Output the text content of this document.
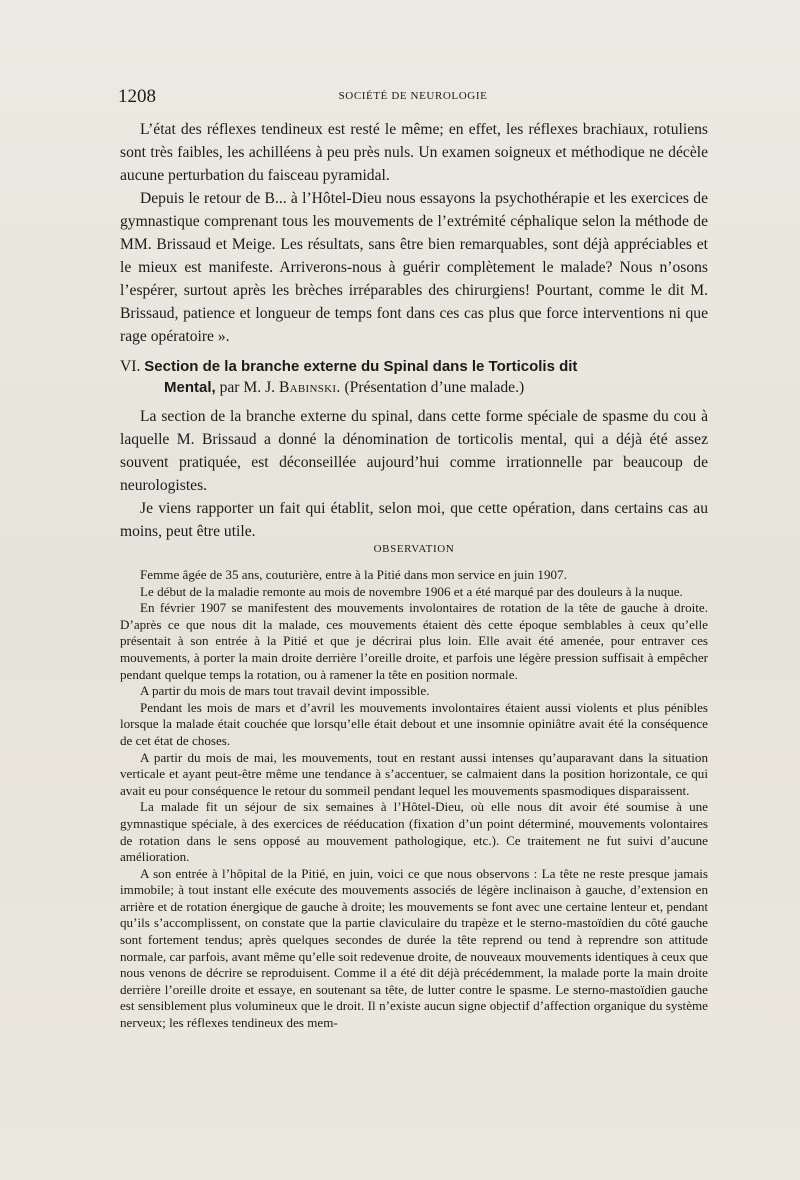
1208	SOCIÉTÉ DE NEUROLOGIE

L’état des réflexes tendineux est resté le même; en effet, les réflexes brachiaux, rotuliens sont très faibles, les achilléens à peu près nuls. Un examen soigneux et méthodique ne décèle aucune perturbation du faisceau pyramidal.

Depuis le retour de B... à l’Hôtel-Dieu nous essayons la psychothérapie et les exercices de gymnastique comprenant tous les mouvements de l’extrémité céphalique selon la méthode de MM. Brissaud et Meige. Les résultats, sans être bien remarquables, sont déjà appréciables et le mieux est manifeste. Arriverons-nous à guérir complètement le malade? Nous n’osons l’espérer, surtout après les brèches irréparables des chirurgiens! Pourtant, comme le dit M. Brissaud, patience et longueur de temps font dans ces cas plus que force interventions ni que rage opératoire ».

VI. Section de la branche externe du Spinal dans le Torticolis dit
Mental, par M. J. Babinski. (Présentation d’une malade.)

La section de la branche externe du spinal, dans cette forme spéciale de spasme du cou à laquelle M. Brissaud a donné la dénomination de torticolis mental, qui a déjà été assez souvent pratiquée, est déconseillée aujourd’hui comme irrationnelle par beaucoup de neurologistes.

Je viens rapporter un fait qui établit, selon moi, que cette opération, dans certains cas au moins, peut être utile.

OBSERVATION

Femme âgée de 35 ans, couturière, entre à la Pitié dans mon service en juin 1907.

Le début de la maladie remonte au mois de novembre 1906 et a été marqué par des douleurs à la nuque.

En février 1907 se manifestent des mouvements involontaires de rotation de la tête de gauche à droite. D’après ce que nous dit la malade, ces mouvements étaient dès cette époque semblables à ceux qu’elle présentait à son entrée à la Pitié et que je décrirai plus loin. Elle avait été amenée, pour entraver ces mouvements, à porter la main droite derrière l’oreille droite, et parfois une légère pression suffisait à empêcher pendant quelque temps la rotation, ou à ramener la tête en position normale.

A partir du mois de mars tout travail devint impossible.

Pendant les mois de mars et d’avril les mouvements involontaires étaient aussi violents et plus pénibles lorsque la malade était couchée que lorsqu’elle était debout et une insomnie opiniâtre avait été la conséquence de cet état de choses.

A partir du mois de mai, les mouvements, tout en restant aussi intenses qu’auparavant dans la situation verticale et ayant peut-être même une tendance à s’accentuer, se calmaient dans la position horizontale, ce qui avait eu pour conséquence le retour du sommeil pendant lequel les mouvements spasmodiques disparaissent.

La malade fit un séjour de six semaines à l’Hôtel-Dieu, où elle nous dit avoir été soumise à une gymnastique spéciale, à des exercices de rééducation (fixation d’un point déterminé, mouvements volontaires de rotation dans le sens opposé au mouvement pathologique, etc.). Ce traitement ne fut suivi d’aucune amélioration.

A son entrée à l’hôpital de la Pitié, en juin, voici ce que nous observons : La tête ne reste presque jamais immobile; à tout instant elle exécute des mouvements associés de légère inclinaison à gauche, d’extension en arrière et de rotation énergique de gauche à droite; les mouvements se font avec une certaine lenteur et, pendant qu’ils s’accomplissent, on constate que la partie claviculaire du trapèze et le sterno-mastoïdien du côté gauche sont fortement tendus; après quelques secondes de durée la tête reprend ou tend à reprendre son attitude normale, car parfois, avant même qu’elle soit redevenue droite, de nouveaux mouvements identiques à ceux que nous venons de décrire se reproduisent. Comme il a été dit déjà précédemment, la malade porte la main droite derrière l’oreille droite et essaye, en soutenant sa tête, de lutter contre le spasme. Le sterno-mastoïdien gauche est sensiblement plus volumineux que le droit. Il n’existe aucun signe objectif d’affection organique du système nerveux; les réflexes tendineux des mem-
